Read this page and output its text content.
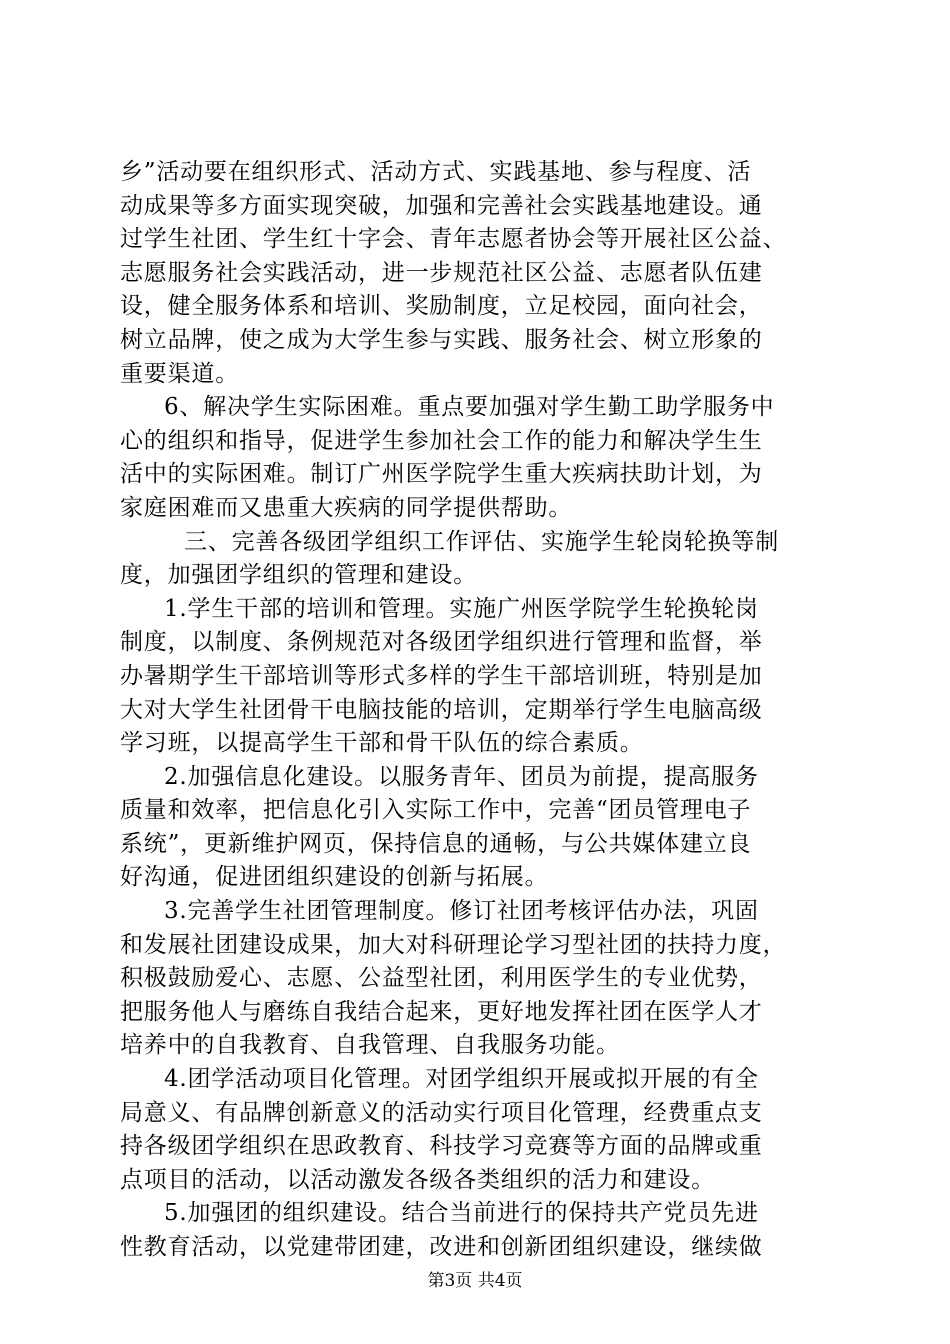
乡”活动要在组织形式、活动方式、实践基地、参与程度、活
动成果等多方面实现突破，加强和完善社会实践基地建设。通
过学生社团、学生红十字会、青年志愿者协会等开展社区公益、
志愿服务社会实践活动，进一步规范社区公益、志愿者队伍建
设，健全服务体系和培训、奖励制度，立足校园，面向社会，
树立品牌，使之成为大学生参与实践、服务社会、树立形象的
重要渠道。
6、解决学生实际困难。重点要加强对学生勤工助学服务中
心的组织和指导，促进学生参加社会工作的能力和解决学生生
活中的实际困难。制订广州医学院学生重大疾病扶助计划，为
家庭困难而又患重大疾病的同学提供帮助。
三、完善各级团学组织工作评估、实施学生轮岗轮换等制
度，加强团学组织的管理和建设。
1.学生干部的培训和管理。实施广州医学院学生轮换轮岗
制度，以制度、条例规范对各级团学组织进行管理和监督，举
办暑期学生干部培训等形式多样的学生干部培训班，特别是加
大对大学生社团骨干电脑技能的培训，定期举行学生电脑高级
学习班，以提高学生干部和骨干队伍的综合素质。
2.加强信息化建设。以服务青年、团员为前提，提高服务
质量和效率，把信息化引入实际工作中，完善“团员管理电子
系统”，更新维护网页，保持信息的通畅，与公共媒体建立良
好沟通，促进团组织建设的创新与拓展。
3.完善学生社团管理制度。修订社团考核评估办法，巩固
和发展社团建设成果，加大对科研理论学习型社团的扶持力度，
积极鼓励爱心、志愿、公益型社团，利用医学生的专业优势，
把服务他人与磨练自我结合起来，更好地发挥社团在医学人才
培养中的自我教育、自我管理、自我服务功能。
4.团学活动项目化管理。对团学组织开展或拟开展的有全
局意义、有品牌创新意义的活动实行项目化管理，经费重点支
持各级团学组织在思政教育、科技学习竞赛等方面的品牌或重
点项目的活动，以活动激发各级各类组织的活力和建设。
5.加强团的组织建设。结合当前进行的保持共产党员先进
性教育活动，以党建带团建，改进和创新团组织建设，继续做
第3页 共4页
